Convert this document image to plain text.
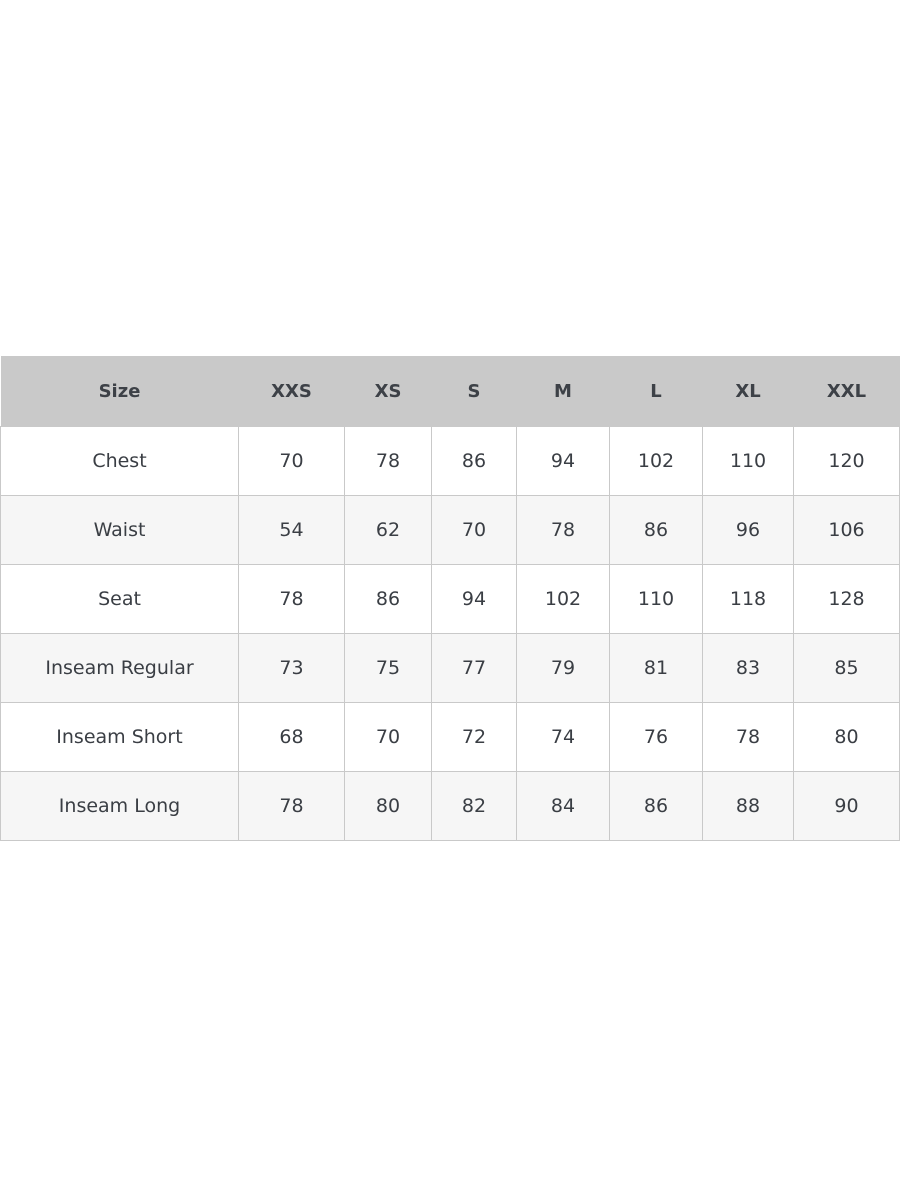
Size	XXS	XS	S	M	L	XL	XXL
Chest	70	78	86	94	102	110	120
Waist	54	62	70	78	86	96	106
Seat	78	86	94	102	110	118	128
Inseam Regular	73	75	77	79	81	83	85
Inseam Short	68	70	72	74	76	78	80
Inseam Long	78	80	82	84	86	88	90
